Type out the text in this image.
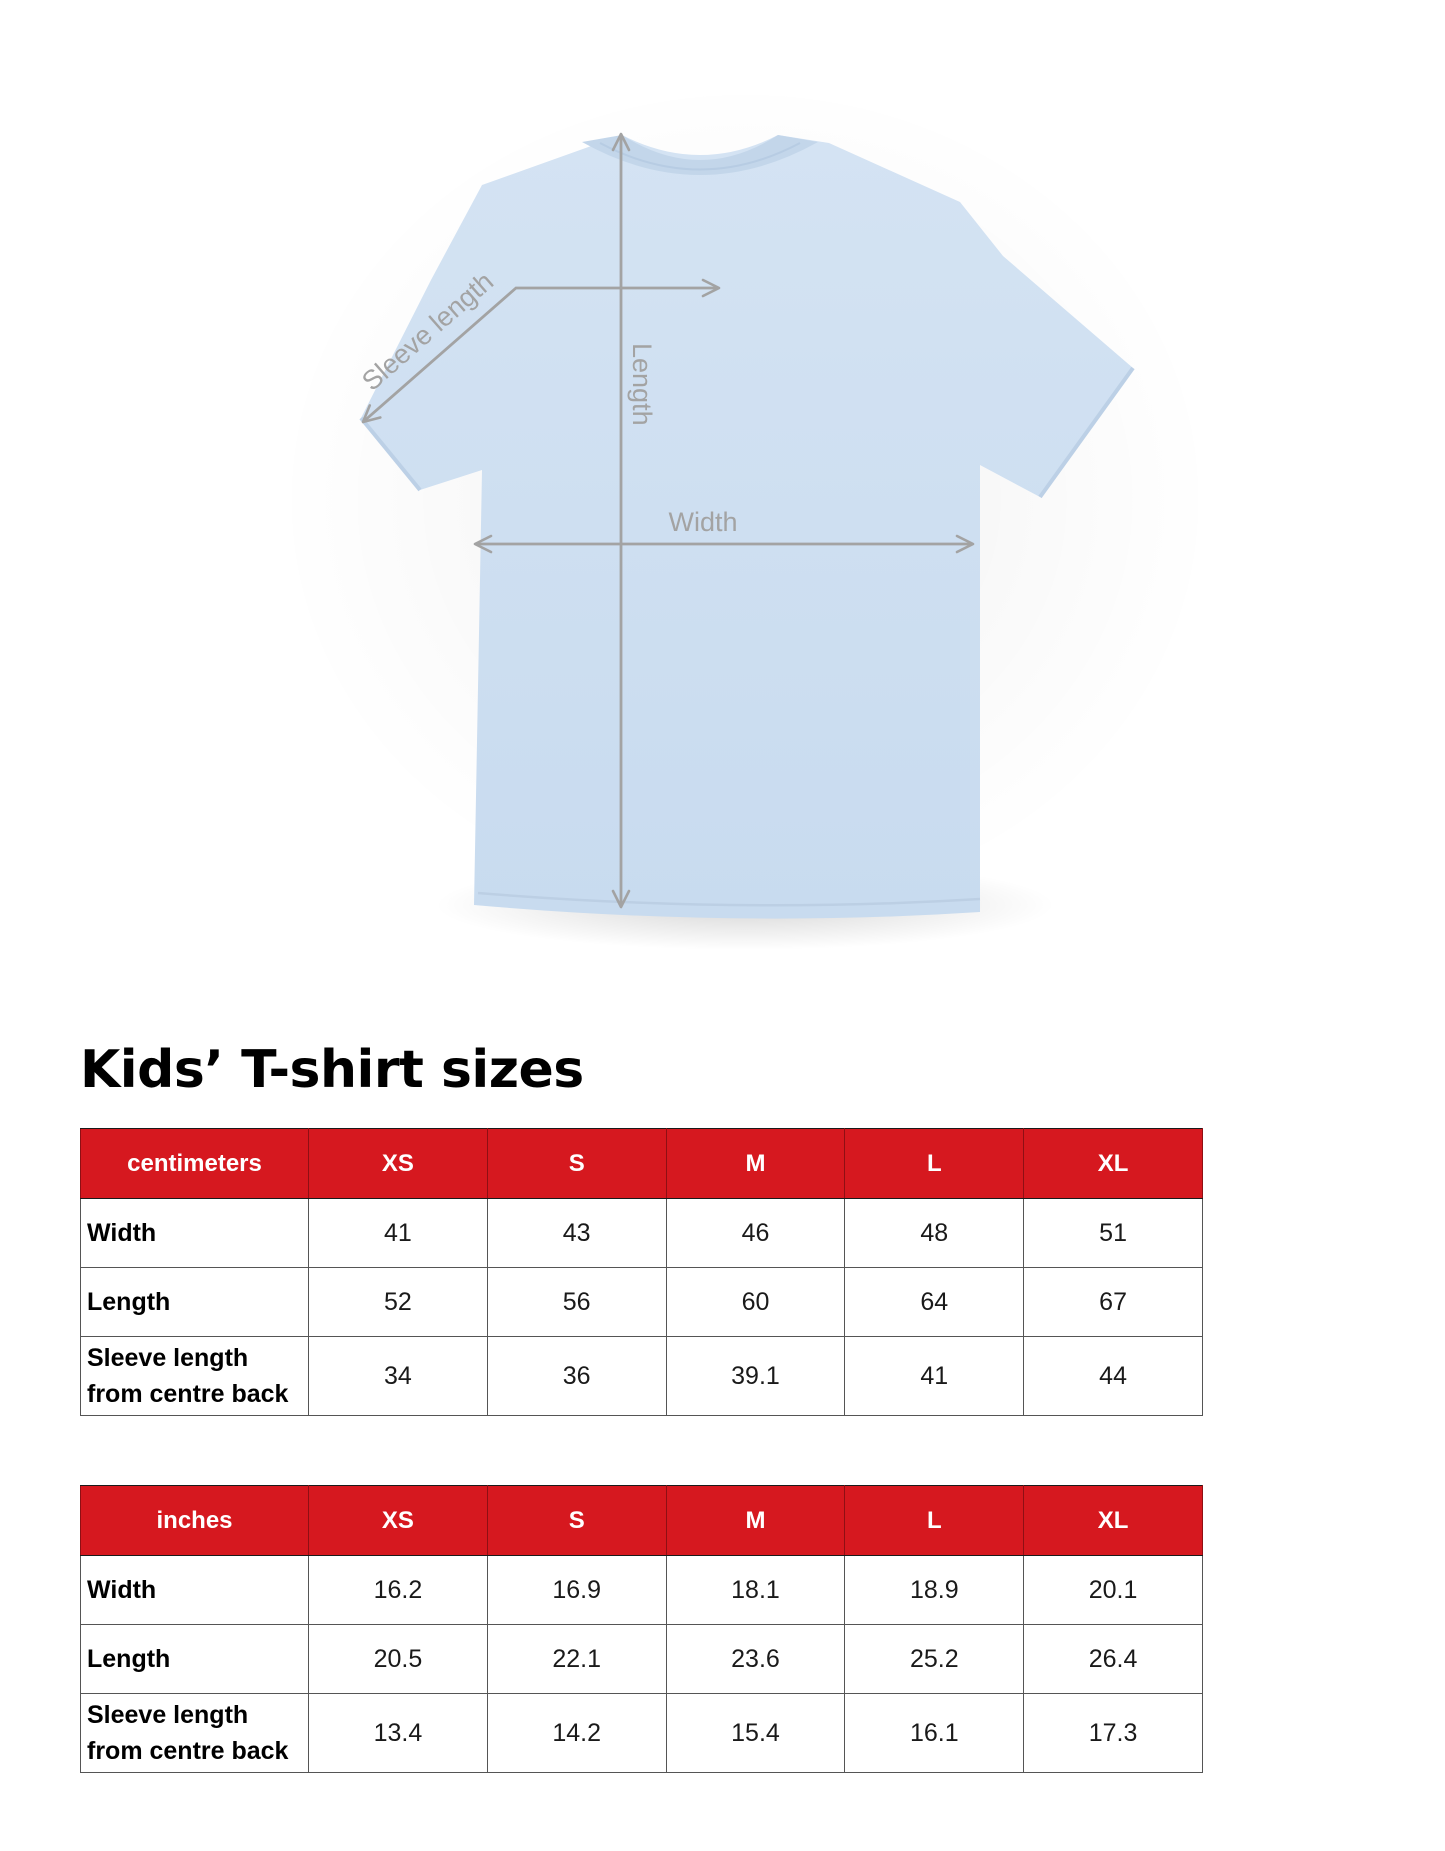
Sleeve length	Length
Width
Kids’ T-shirt sizes
centimeters	XS	S	M	L	XL
Width	41	43	46	48	51
Length	52	56	60	64	67
Sleeve length
from centre back	34	36	39.1	41	44
inches	XS	S	M	L	XL
Width	16.2	16.9	18.1	18.9	20.1
Length	20.5	22.1	23.6	25.2	26.4
Sleeve length
from centre back	13.4	14.2	15.4	16.1	17.3
